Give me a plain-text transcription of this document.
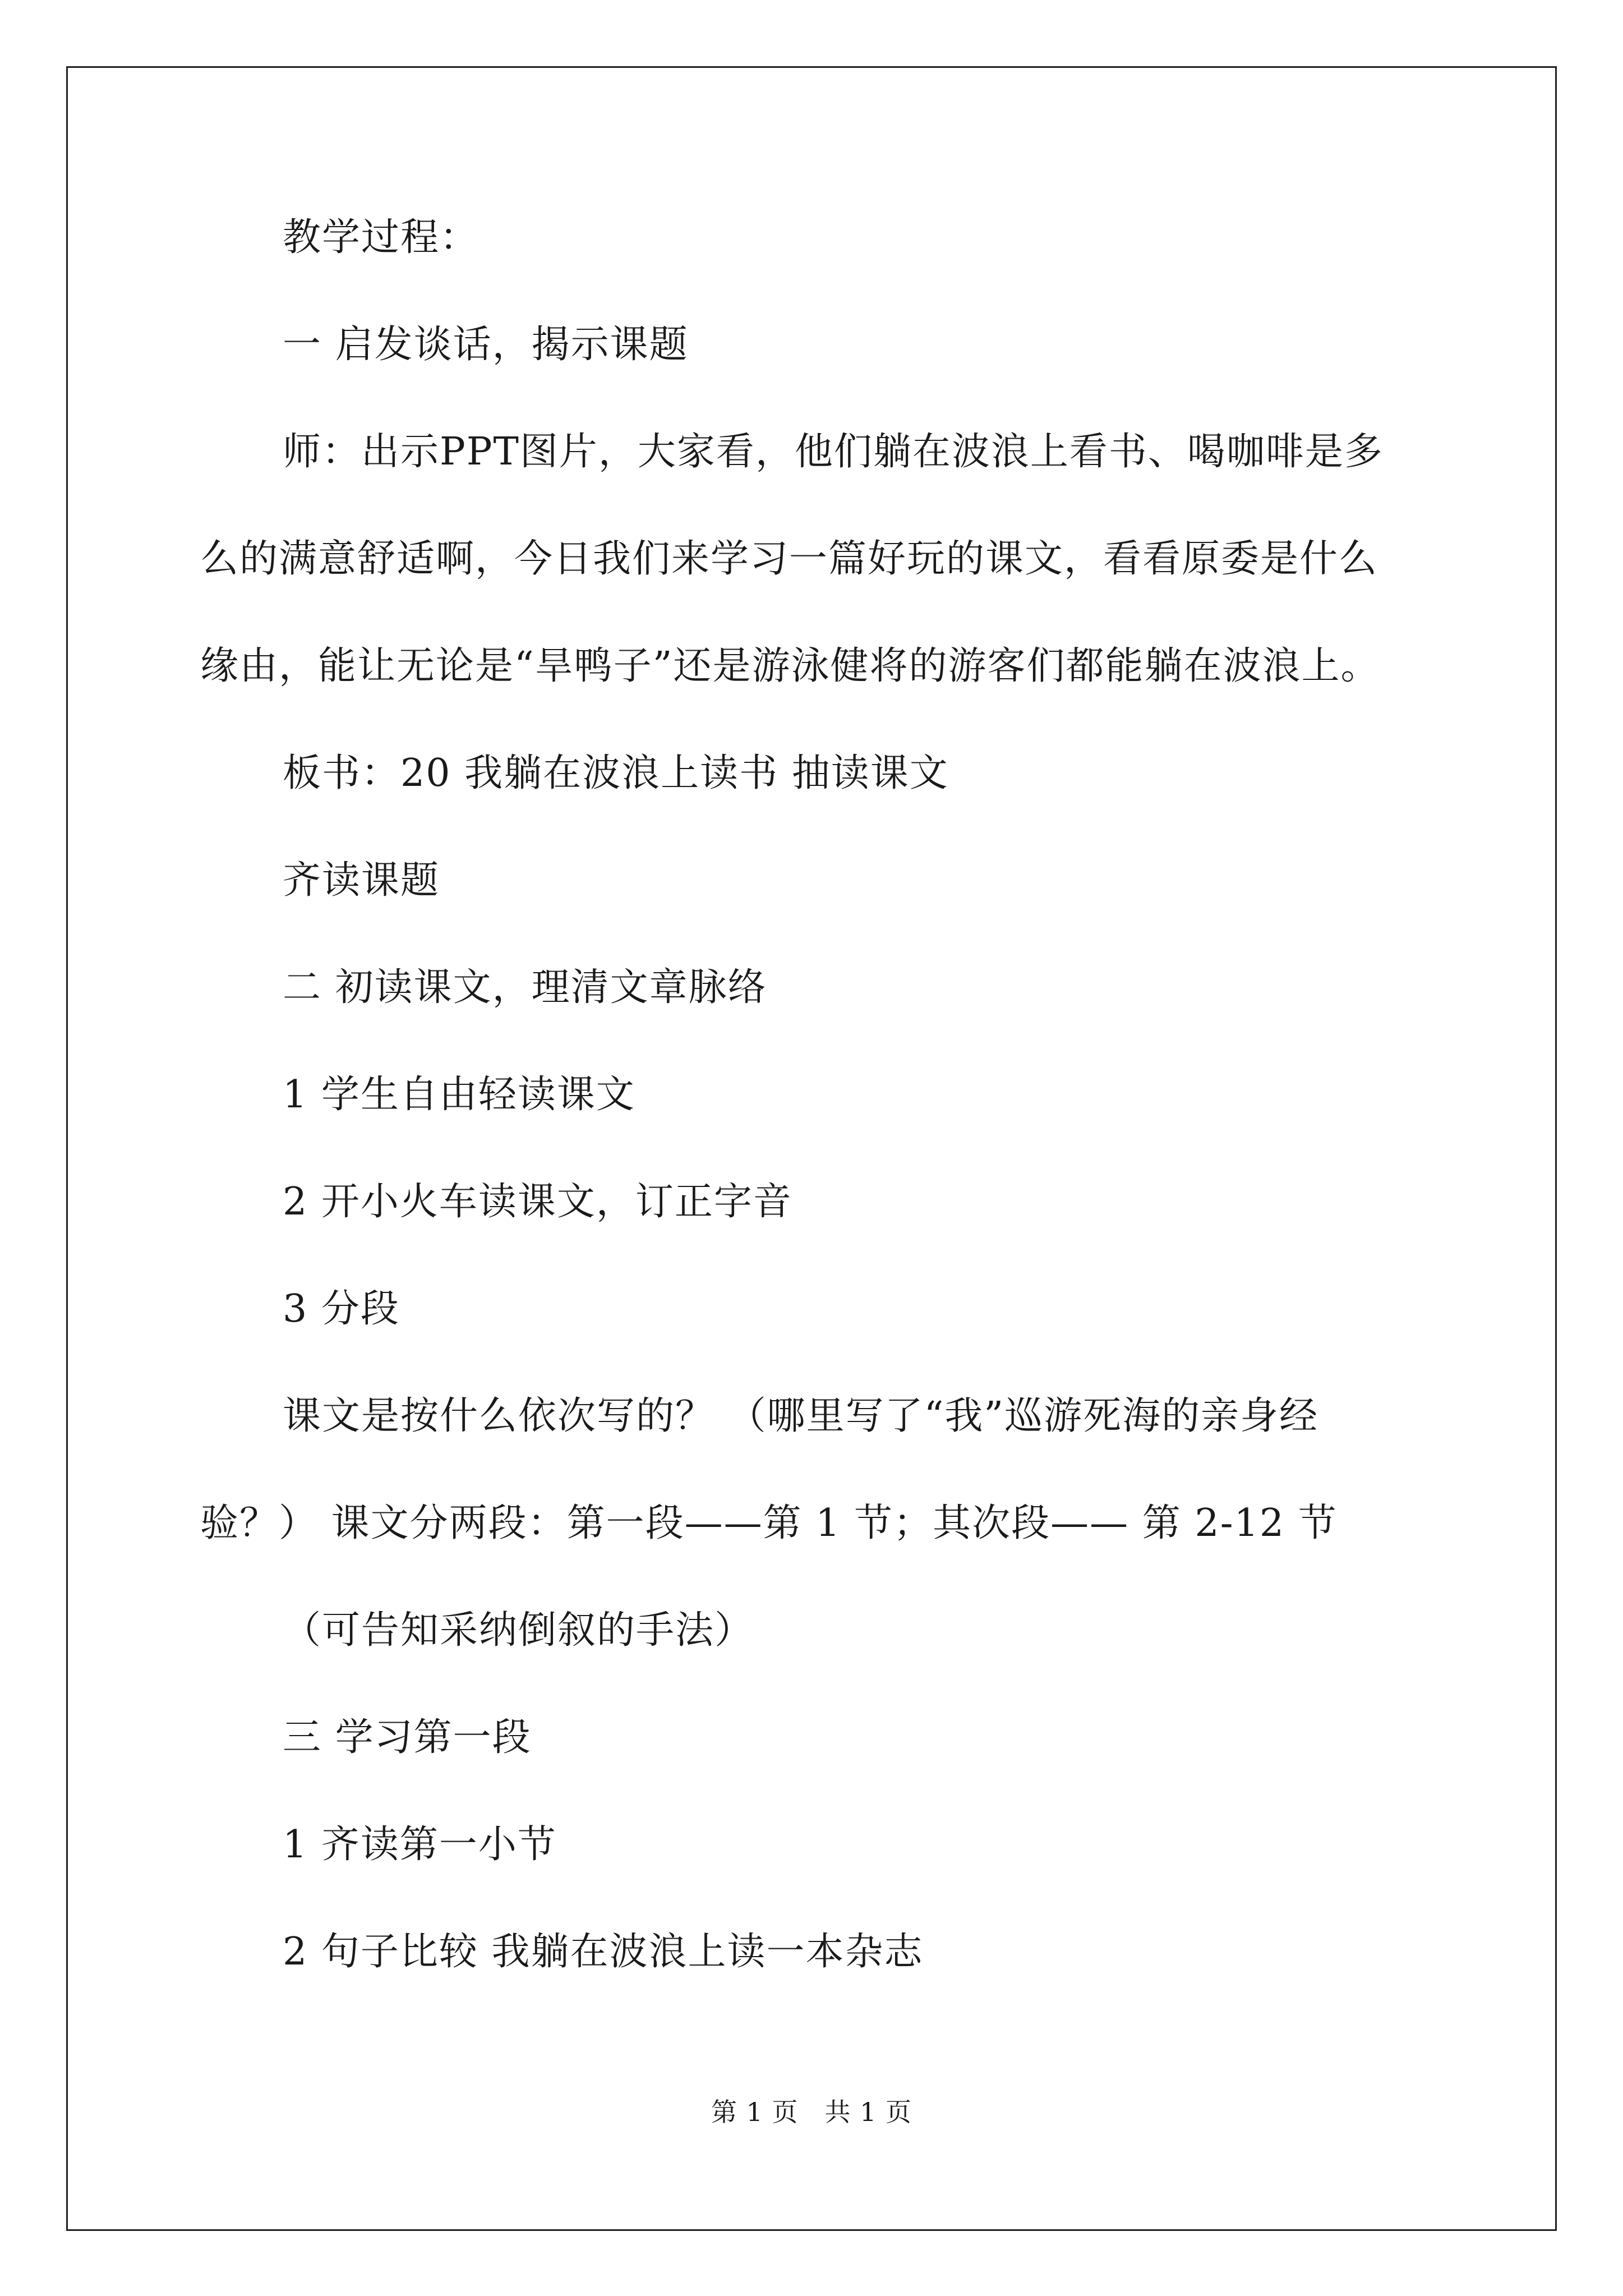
教学过程：
一 启发谈话，揭示课题
师：出示PPT图片，大家看，他们躺在波浪上看书、喝咖啡是多
么的满意舒适啊，今日我们来学习一篇好玩的课文，看看原委是什么
缘由，能让无论是“旱鸭子”还是游泳健将的游客们都能躺在波浪上。
板书：20 我躺在波浪上读书 抽读课文
齐读课题
二 初读课文，理清文章脉络
1 学生自由轻读课文
2 开小火车读课文，订正字音
3 分段
课文是按什么依次写的？ （哪里写了“我”巡游死海的亲身经
验？） 课文分两段：第一段——第 1 节；其次段—— 第 2-12 节
（可告知采纳倒叙的手法）
三 学习第一段
1 齐读第一小节
2 句子比较 我躺在波浪上读一本杂志
第 1 页　共 1 页
